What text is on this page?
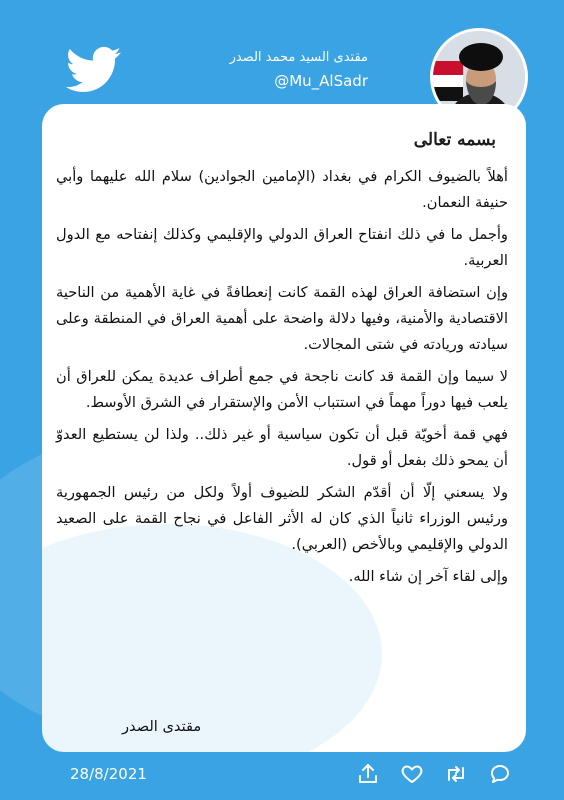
مقتدى السيد محمد الصدر
@Mu_AlSadr
بسمه تعالى

أهلاً بالضيوف الكرام في بغداد (الإمامين الجوادين) سلام الله عليهما وأبي حنيفة النعمان.

وأجمل ما في ذلك انفتاح العراق الدولي والإقليمي وكذلك إنفتاحه مع الدول العربية.

وإن استضافة العراق لهذه القمة كانت إنعطافةً في غاية الأهمية من الناحية الاقتصادية والأمنية، وفيها دلالة واضحة على أهمية العراق في المنطقة وعلى سيادته وريادته في شتى المجالات.

لا سيما وإن القمة قد كانت ناجحة في جمع أطراف عديدة يمكن للعراق أن يلعب فيها دوراً مهماً في استتباب الأمن والإستقرار في الشرق الأوسط.

فهي قمة أخويّة قبل أن تكون سياسية أو غير ذلك.. ولذا لن يستطيع العدوّ أن يمحو ذلك بفعل أو قول.

ولا يسعني إلّا أن أقدّم الشكر للضيوف أولاً ولكل من رئيس الجمهورية ورئيس الوزراء ثانياً الذي كان له الأثر الفاعل في نجاح القمة على الصعيد الدولي والإقليمي وبالأخص (العربي).

وإلى لقاء آخر إن شاء الله.

مقتدى الصدر
28/8/2021
